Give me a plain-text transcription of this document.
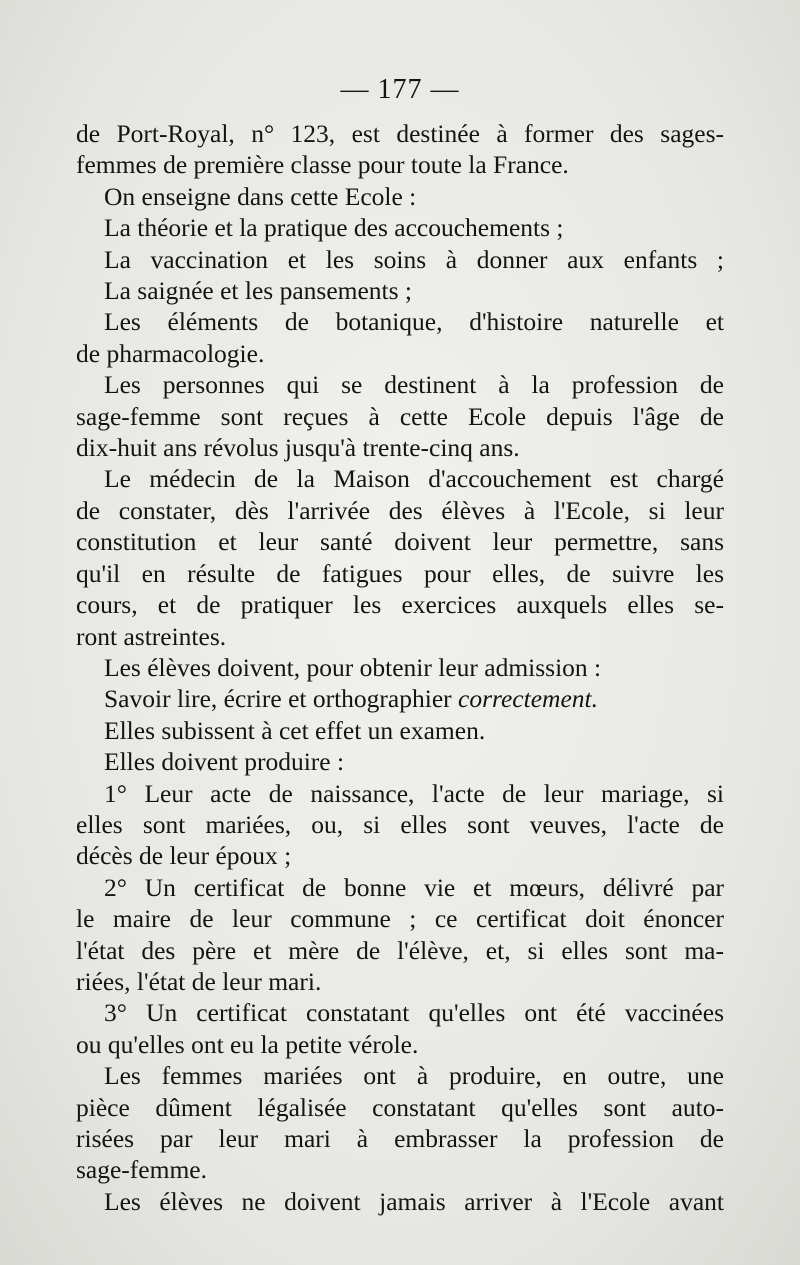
— 177 —
de Port-Royal, n° 123, est destinée à former des sages-
femmes de première classe pour toute la France.
On enseigne dans cette Ecole :
La théorie et la pratique des accouchements ;
La vaccination et les soins à donner aux enfants ;
La saignée et les pansements ;
Les éléments de botanique, d'histoire naturelle et
de pharmacologie.
Les personnes qui se destinent à la profession de
sage-femme sont reçues à cette Ecole depuis l'âge de
dix-huit ans révolus jusqu'à trente-cinq ans.
Le médecin de la Maison d'accouchement est chargé
de constater, dès l'arrivée des élèves à l'Ecole, si leur
constitution et leur santé doivent leur permettre, sans
qu'il en résulte de fatigues pour elles, de suivre les
cours, et de pratiquer les exercices auxquels elles se-
ront astreintes.
Les élèves doivent, pour obtenir leur admission :
Savoir lire, écrire et orthographier correctement.
Elles subissent à cet effet un examen.
Elles doivent produire :
1° Leur acte de naissance, l'acte de leur mariage, si
elles sont mariées, ou, si elles sont veuves, l'acte de
décès de leur époux ;
2° Un certificat de bonne vie et mœurs, délivré par
le maire de leur commune ; ce certificat doit énoncer
l'état des père et mère de l'élève, et, si elles sont ma-
riées, l'état de leur mari.
3° Un certificat constatant qu'elles ont été vaccinées
ou qu'elles ont eu la petite vérole.
Les femmes mariées ont à produire, en outre, une
pièce dûment légalisée constatant qu'elles sont auto-
risées par leur mari à embrasser la profession de
sage-femme.
Les élèves ne doivent jamais arriver à l'Ecole avant
